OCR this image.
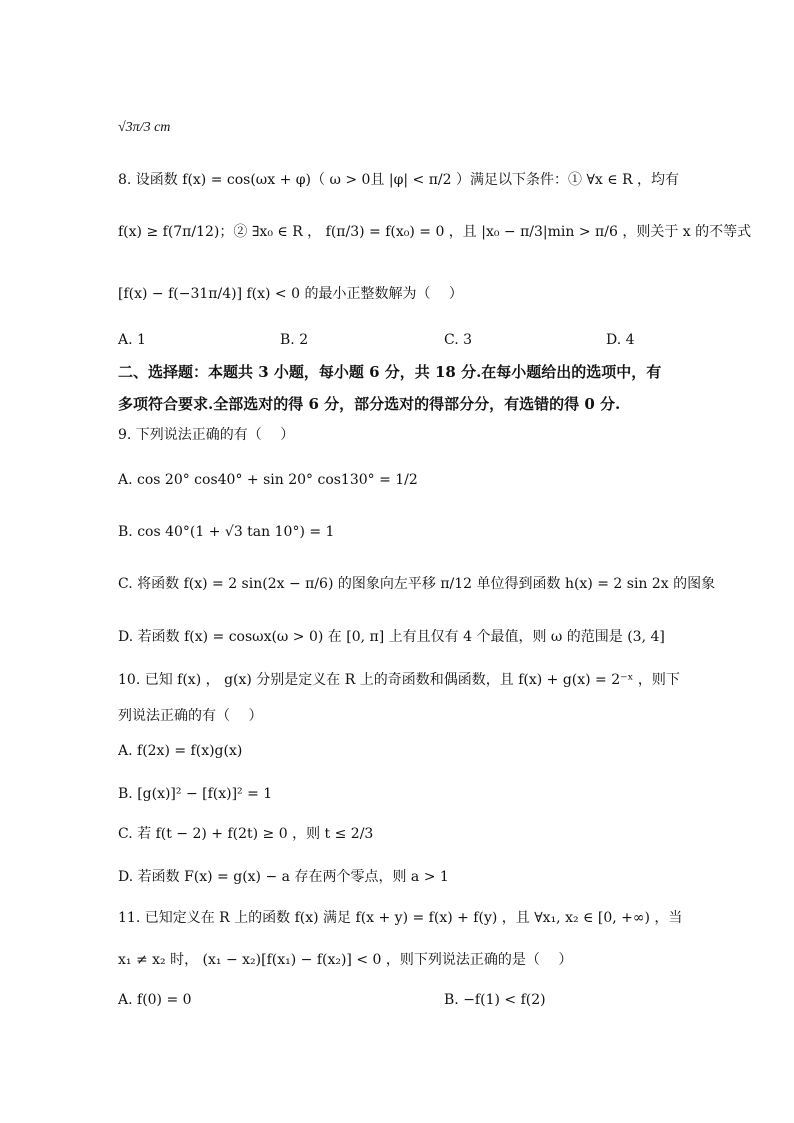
√3π/3 cm
8. 设函数 f(x) = cos(ωx + φ)（ ω > 0且 |φ| < π/2 ）满足以下条件：① ∀x ∈ R ，均有
f(x) ≥ f(7π/12)；② ∃x₀ ∈ R ， f(π/3) = f(x₀) = 0 ，且 |x₀ − π/3|min > π/6 ，则关于 x 的不等式
[f(x) − f(−31π/4)] f(x) < 0 的最小正整数解为（　 ）
A. 1	B. 2	C. 3	D. 4
二、选择题：本题共 3 小题，每小题 6 分，共 18 分.在每小题给出的选项中，有
多项符合要求.全部选对的得 6 分，部分选对的得部分分，有选错的得 0 分.
9. 下列说法正确的有（　 ）
A. cos 20° cos40° + sin 20° cos130° = 1/2
B. cos 40°(1 + √3 tan 10°) = 1
C. 将函数 f(x) = 2 sin(2x − π/6) 的图象向左平移 π/12 单位得到函数 h(x) = 2 sin 2x 的图象
D. 若函数 f(x) = cosωx(ω > 0) 在 [0, π] 上有且仅有 4 个最值，则 ω 的范围是 (3, 4]
10. 已知 f(x) ， g(x) 分别是定义在 R 上的奇函数和偶函数，且 f(x) + g(x) = 2⁻ˣ ，则下
列说法正确的有（　 ）
A. f(2x) = f(x)g(x)
B. [g(x)]² − [f(x)]² = 1
C. 若 f(t − 2) + f(2t) ≥ 0 ，则 t ≤ 2/3
D. 若函数 F(x) = g(x) − a 存在两个零点，则 a > 1
11. 已知定义在 R 上的函数 f(x) 满足 f(x + y) = f(x) + f(y) ，且 ∀x₁, x₂ ∈ [0, +∞) ，当
x₁ ≠ x₂ 时， (x₁ − x₂)[f(x₁) − f(x₂)] < 0 ，则下列说法正确的是（　 ）
A. f(0) = 0	B. −f(1) < f(2)
